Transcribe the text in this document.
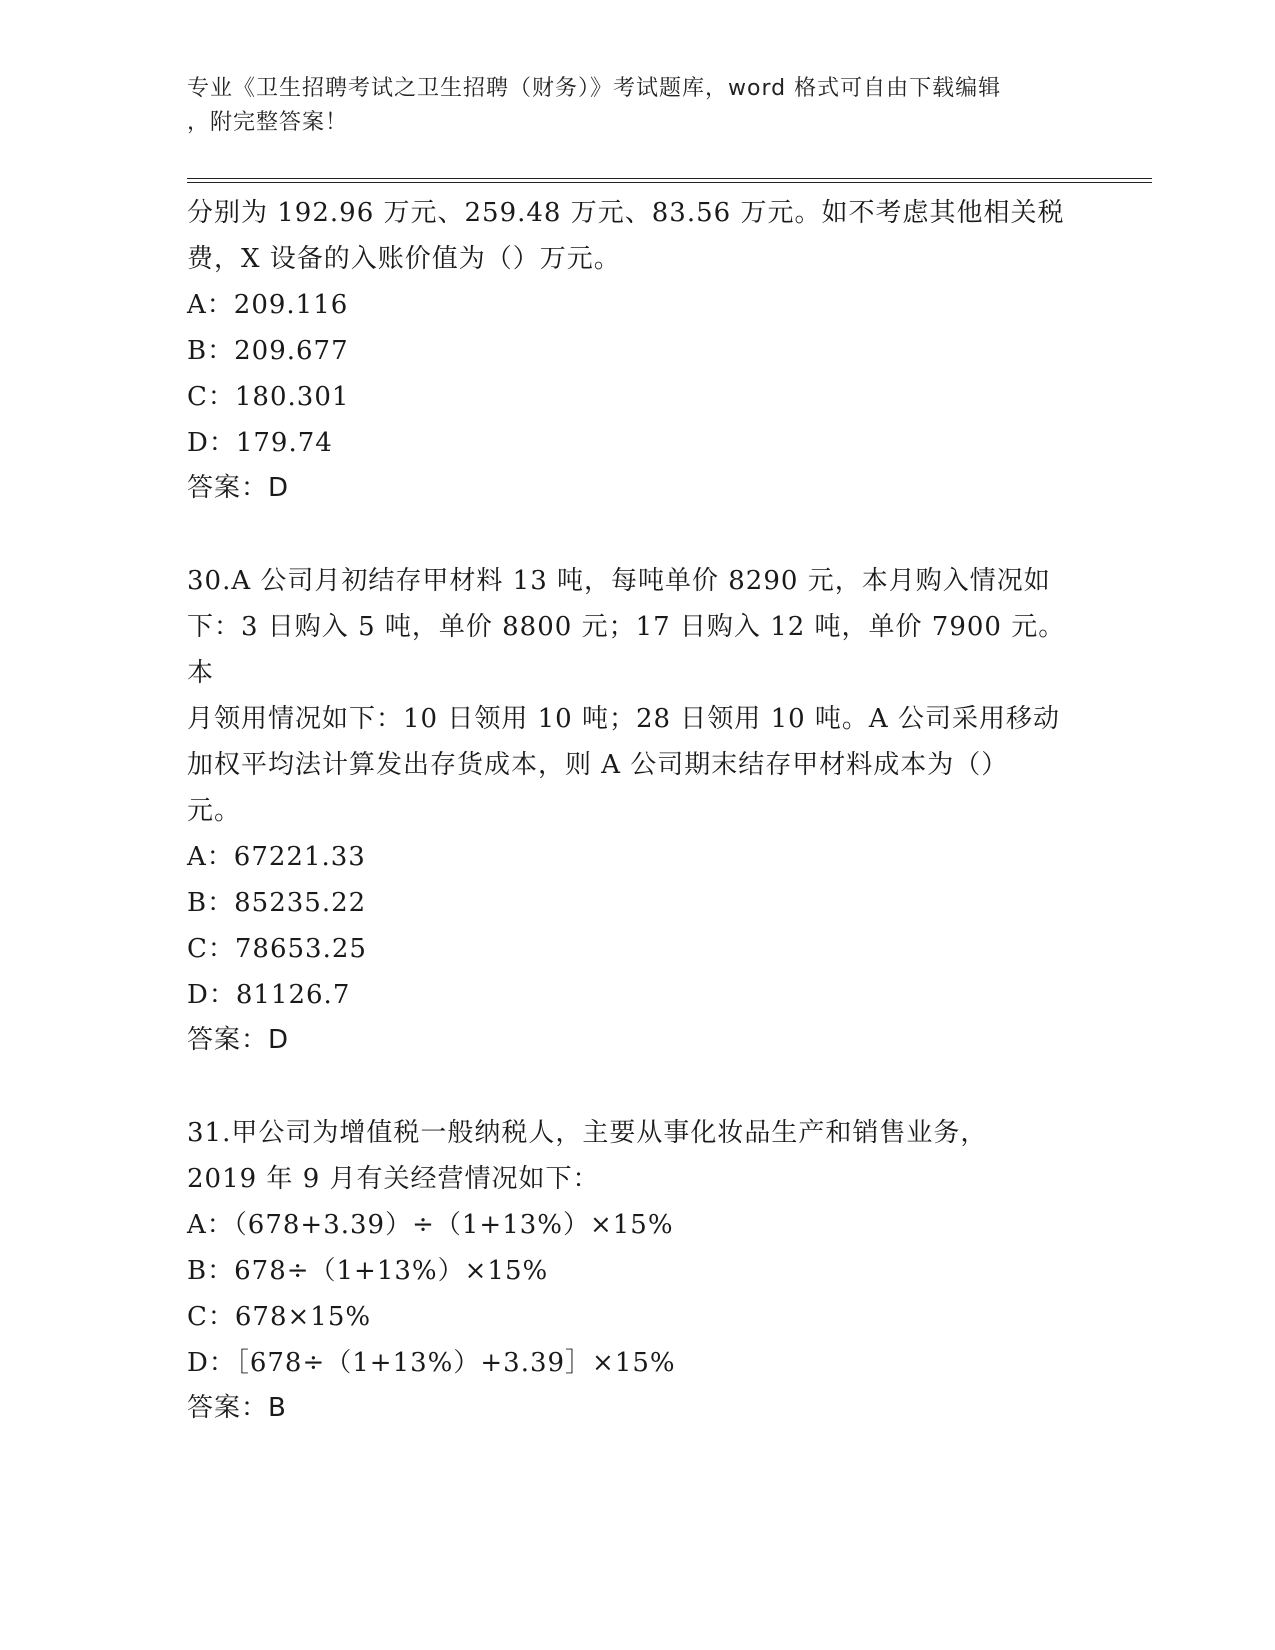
专业《卫生招聘考试之卫生招聘（财务）》考试题库，word 格式可自由下载编辑
，附完整答案！

分别为 192.96 万元、259.48 万元、83.56 万元。如不考虑其他相关税

费，X 设备的入账价值为（）万元。

A：209.116

B：209.677

C：180.301

D：179.74

答案：D

30.A 公司月初结存甲材料 13 吨，每吨单价 8290 元，本月购入情况如

下：3 日购入 5 吨，单价 8800 元；17 日购入 12 吨，单价 7900 元。本

月领用情况如下：10 日领用 10 吨；28 日领用 10 吨。A 公司采用移动

加权平均法计算发出存货成本，则 A 公司期末结存甲材料成本为（）

元。

A：67221.33

B：85235.22

C：78653.25

D：81126.7

答案：D

31.甲公司为增值税一般纳税人，主要从事化妆品生产和销售业务，

2019 年 9 月有关经营情况如下：

A：（678+3.39）÷（1+13%）×15%

B：678÷（1+13%）×15%

C：678×15%

D：［678÷（1+13%）+3.39］×15%

答案：B
